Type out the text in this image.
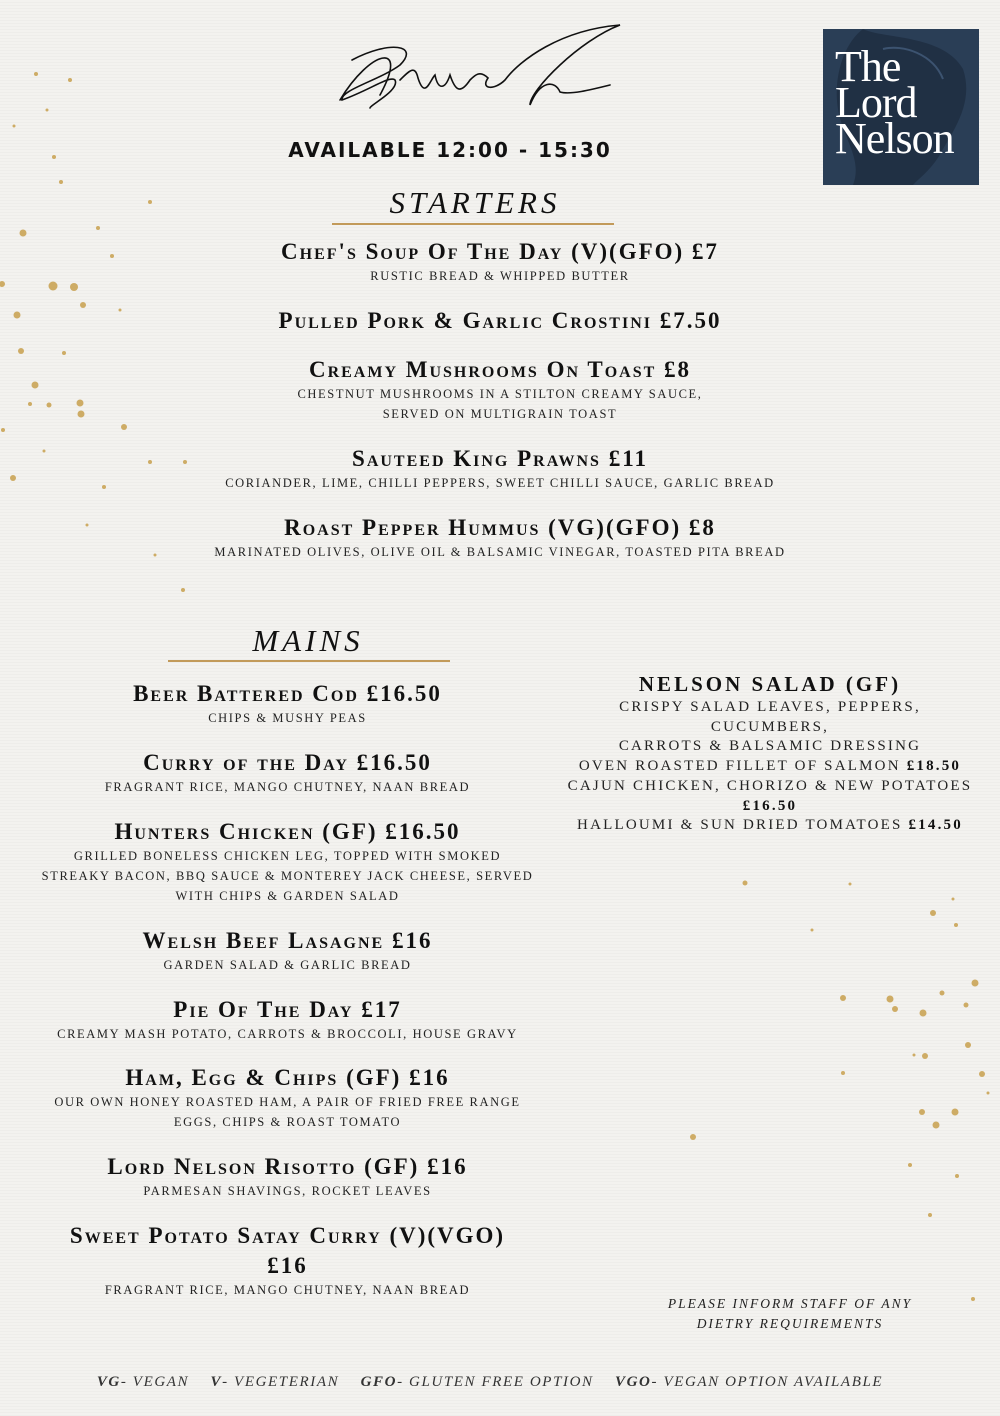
AVAILABLE 12:00 - 15:30
The
Lord
Nelson
STARTERS
Chef's Soup Of The Day (V)(GFO) £7
RUSTIC BREAD & WHIPPED BUTTER
Pulled Pork & Garlic Crostini £7.50
Creamy Mushrooms On Toast £8
CHESTNUT MUSHROOMS IN A STILTON CREAMY SAUCE,
SERVED ON MULTIGRAIN TOAST
Sauteed King Prawns £11
CORIANDER, LIME, CHILLI PEPPERS, SWEET CHILLI SAUCE, GARLIC BREAD
Roast Pepper Hummus (VG)(GFO) £8
MARINATED OLIVES, OLIVE OIL & BALSAMIC VINEGAR, TOASTED PITA BREAD
MAINS
Beer Battered Cod £16.50
CHIPS & MUSHY PEAS
Curry of the Day £16.50
FRAGRANT RICE, MANGO CHUTNEY, NAAN BREAD
Hunters Chicken (GF) £16.50
GRILLED BONELESS CHICKEN LEG, TOPPED WITH SMOKED
STREAKY BACON, BBQ SAUCE & MONTEREY JACK CHEESE, SERVED
WITH CHIPS & GARDEN SALAD
Welsh Beef Lasagne £16
GARDEN SALAD & GARLIC BREAD
Pie Of The Day £17
CREAMY MASH POTATO, CARROTS & BROCCOLI, HOUSE GRAVY
Ham, Egg & Chips (GF) £16
OUR OWN HONEY ROASTED HAM, A PAIR OF FRIED FREE RANGE
EGGS, CHIPS & ROAST TOMATO
Lord Nelson Risotto (GF) £16
PARMESAN SHAVINGS, ROCKET LEAVES
Sweet Potato Satay Curry (V)(VGO)
£16
FRAGRANT RICE, MANGO CHUTNEY, NAAN BREAD
NELSON SALAD (GF)
CRISPY SALAD LEAVES, PEPPERS, CUCUMBERS,
CARROTS & BALSAMIC DRESSING
OVEN ROASTED FILLET OF SALMON £18.50
CAJUN CHICKEN, CHORIZO & NEW POTATOES
£16.50
HALLOUMI & SUN DRIED TOMATOES £14.50
PLEASE INFORM STAFF OF ANY
DIETRY REQUIREMENTS
VG- VEGAN V- VEGETERIAN GFO- GLUTEN FREE OPTION VGO- VEGAN OPTION AVAILABLE
